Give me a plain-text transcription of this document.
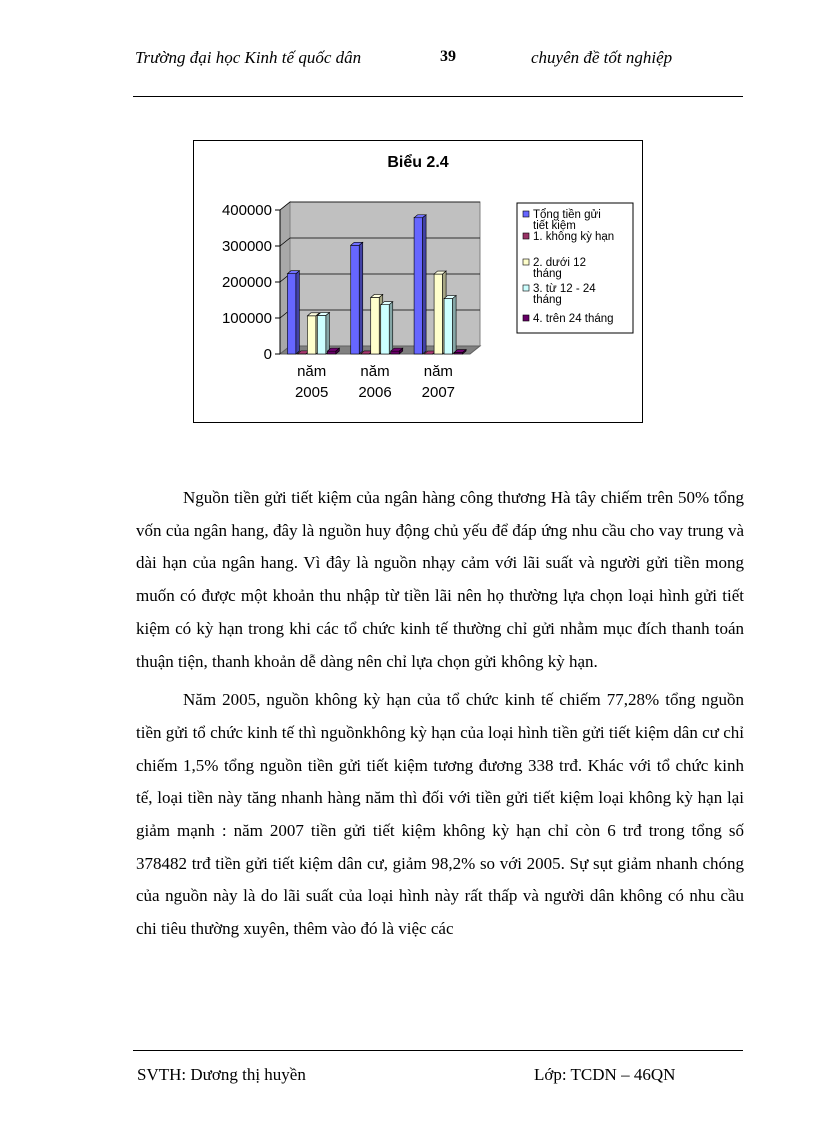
Trường đại học Kinh tế quốc dân	39	chuyên đề tốt nghiệp
Biểu 2.4
0
100000
200000
300000
400000
năm
2005
năm
2006
năm
2007
Tổng tiền gửi tiết kiệm
1. không kỳ hạn
2. dưới 12 tháng
3. từ 12 - 24 tháng
4. trên 24 tháng

Nguồn tiền gửi tiết kiệm của ngân hàng công thương Hà tây chiếm trên 50% tổng vốn của ngân hang, đây là nguồn huy động chủ yếu để đáp ứng nhu cầu cho vay trung và dài hạn của ngân hang. Vì đây là nguồn nhạy cảm với lãi suất và người gửi tiền mong muốn có được một khoản thu nhập từ tiền lãi nên họ thường lựa chọn loại hình gửi tiết kiệm có kỳ hạn trong khi các tổ chức kinh tế thường chỉ gửi nhằm mục đích thanh toán thuận tiện, thanh khoản dễ dàng nên chỉ lựa chọn gửi không kỳ hạn.

Năm 2005, nguồn không kỳ hạn của tổ chức kinh tế chiếm 77,28% tổng nguồn tiền gửi tổ chức kinh tế thì nguồnkhông kỳ hạn của loại hình tiền gửi tiết kiệm dân cư chỉ chiếm 1,5% tổng nguồn tiền gửi tiết kiệm tương đương 338 trđ. Khác với tổ chức kinh tế, loại tiền này tăng nhanh hàng năm thì đối với tiền gửi tiết kiệm loại không kỳ hạn lại giảm mạnh : năm 2007 tiền gửi tiết kiệm không kỳ hạn chỉ còn 6 trđ trong tổng số 378482 trđ tiền gửi tiết kiệm dân cư, giảm 98,2% so với 2005. Sự sụt giảm nhanh chóng của nguồn này là do lãi suất của loại hình này rất thấp và người dân không có nhu cầu chi tiêu thường xuyên, thêm vào đó là việc các

SVTH: Dương thị huyền	Lớp: TCDN – 46QN
